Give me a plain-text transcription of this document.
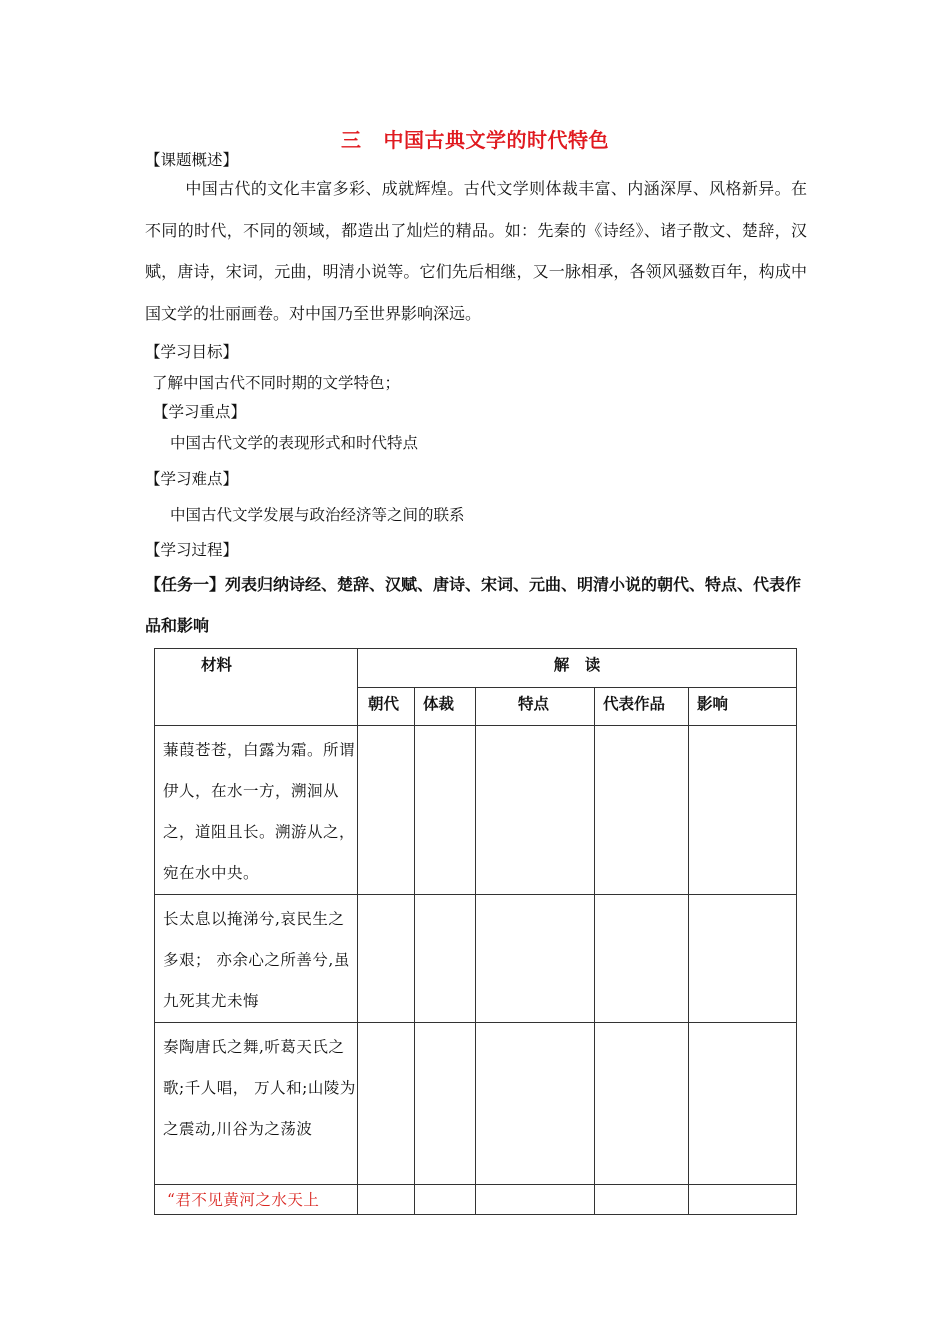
三 中国古典文学的时代特色
【课题概述】
中国古代的文化丰富多彩、成就辉煌。古代文学则体裁丰富、内涵深厚、风格新异。在不同的时代，不同的领域，都造出了灿烂的精品。如：先秦的《诗经》、诸子散文、楚辞，汉赋，唐诗，宋词，元曲，明清小说等。它们先后相继，又一脉相承，各领风骚数百年，构成中国文学的壮丽画卷。对中国乃至世界影响深远。
【学习目标】
了解中国古代不同时期的文学特色；
【学习重点】
中国古代文学的表现形式和时代特点
【学习难点】
中国古代文学发展与政治经济等之间的联系
【学习过程】
【任务一】列表归纳诗经、楚辞、汉赋、唐诗、宋词、元曲、明清小说的朝代、特点、代表作品和影响
材料	解　读				
	朝代	体裁	特点	代表作品	影响

蒹葭苍苍，白露为霜。所谓伊人，在水一方，溯洄从之，道阻且长。溯游从之，宛在水中央。					

长太息以掩涕兮,哀民生之多艰； 亦余心之所善兮,虽九死其尤未悔					

奏陶唐氏之舞,听葛天氏之歌;千人唱， 万人和;山陵为之震动,川谷为之荡波					

“君不见黄河之水天上					
